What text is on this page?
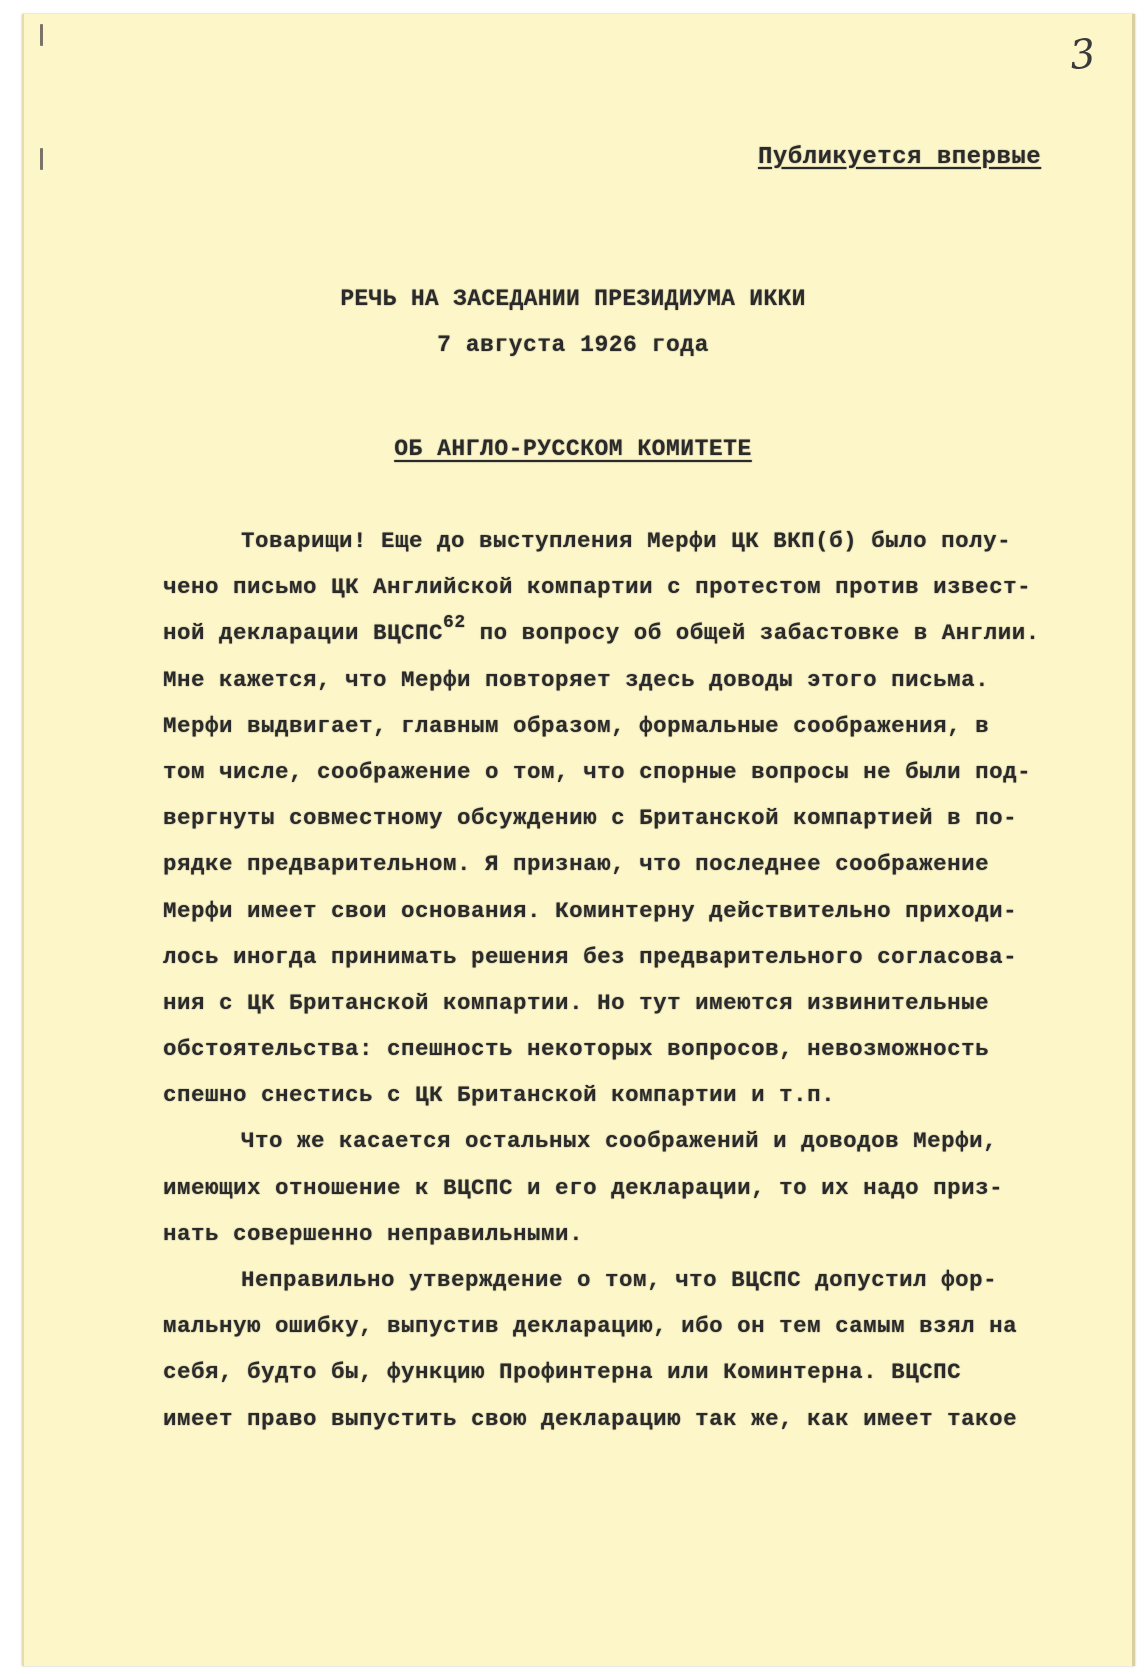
3
Публикуется впервые
РЕЧЬ НА ЗАСЕДАНИИ ПРЕЗИДИУМА ИККИ
7 августа 1926 года
ОБ АНГЛО-РУССКОМ КОМИТЕТЕ
Товарищи! Еще до выступления Мерфи ЦК ВКП(б) было полу-
чено письмо ЦК Английской компартии с протестом против извест-
ной декларации ВЦСПС$^{62}$ по вопросу об общей забастовке в Англии.
Мне кажется, что Мерфи повторяет здесь доводы этого письма.
Мерфи выдвигает, главным образом, формальные соображения, в
том числе, соображение о том, что спорные вопросы не были под-
вергнуты совместному обсуждению с Британской компартией в по-
рядке предварительном. Я признаю, что последнее соображение
Мерфи имеет свои основания. Коминтерну действительно приходи-
лось иногда принимать решения без предварительного согласова-
ния с ЦК Британской компартии. Но тут имеются извинительные
обстоятельства: спешность некоторых вопросов, невозможность
спешно снестись с ЦК Британской компартии и т.п.
Что же касается остальных соображений и доводов Мерфи,
имеющих отношение к ВЦСПС и его декларации, то их надо приз-
нать совершенно неправильными.
Неправильно утверждение о том, что ВЦСПС допустил фор-
мальную ошибку, выпустив декларацию, ибо он тем самым взял на
себя, будто бы, функцию Профинтерна или Коминтерна. ВЦСПС
имеет право выпустить свою декларацию так же, как имеет такое
